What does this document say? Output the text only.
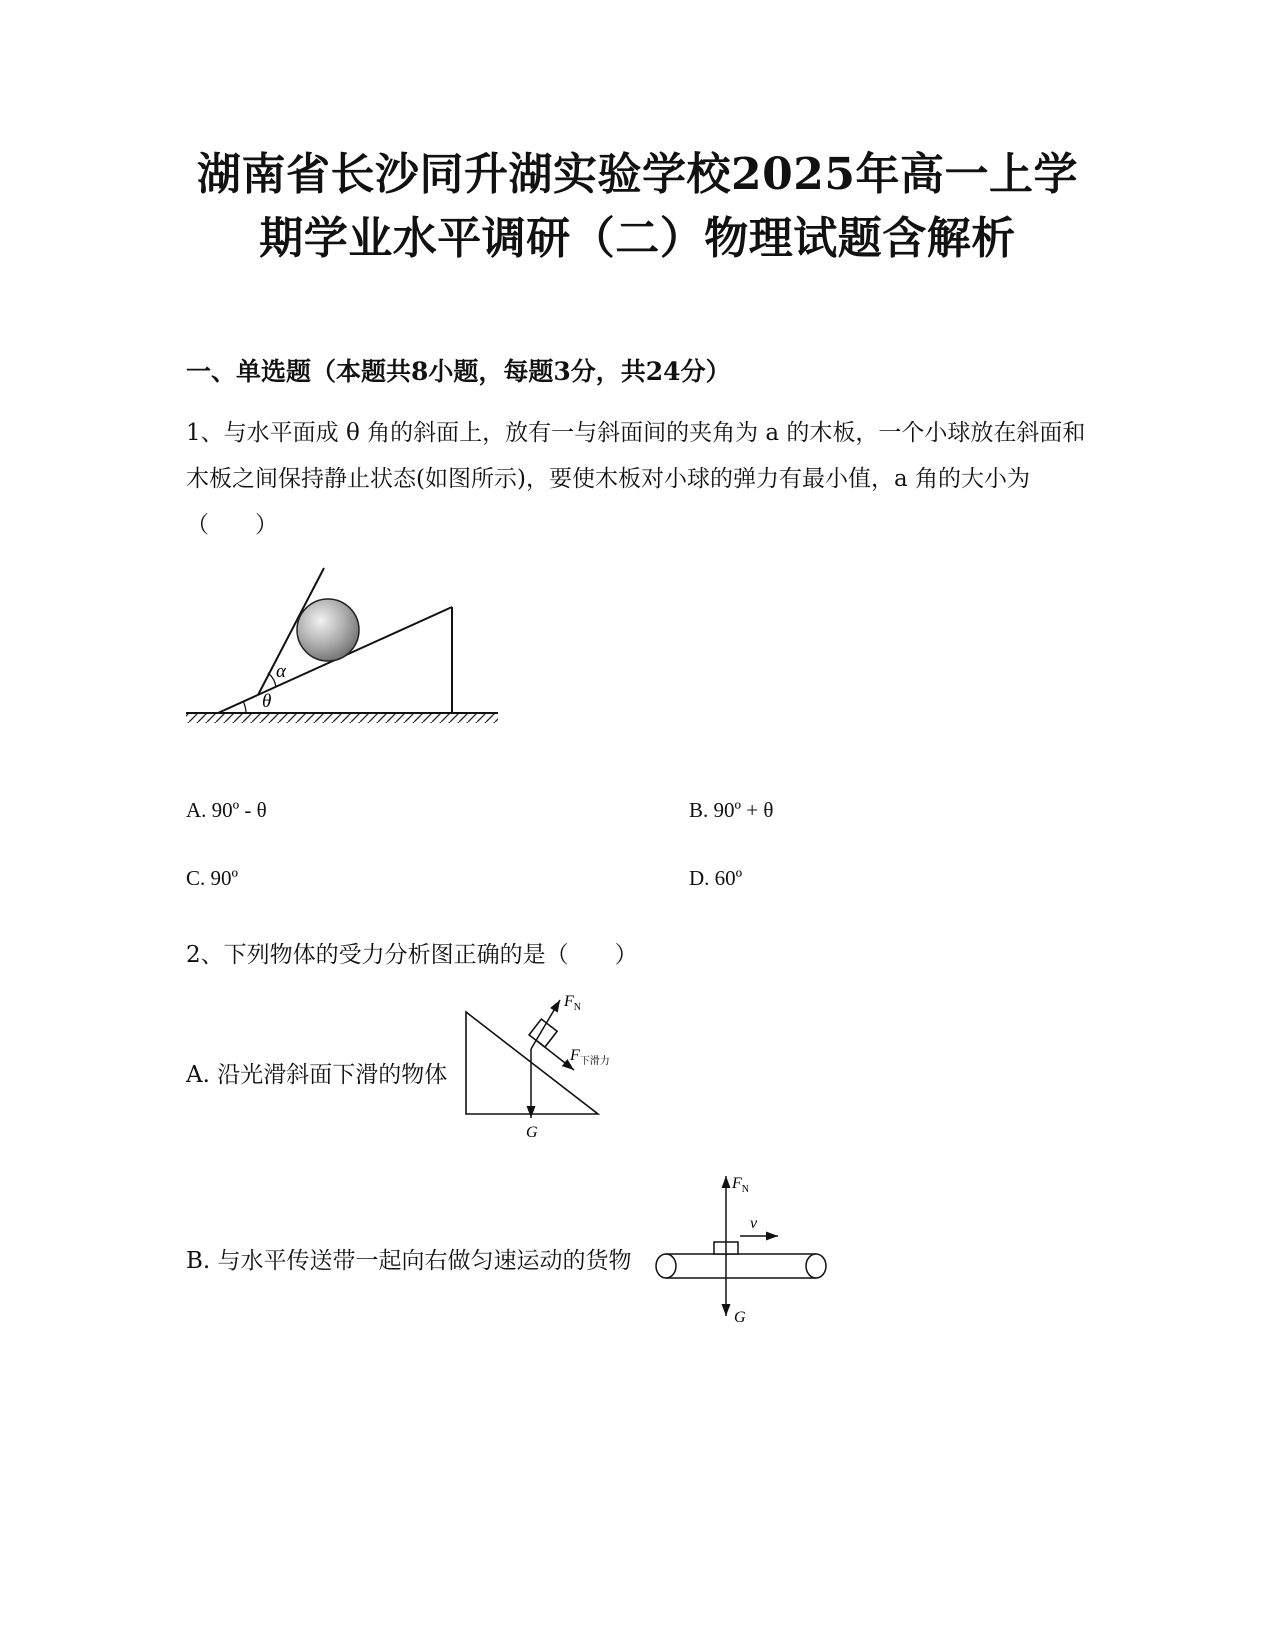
湖南省长沙同升湖实验学校2025年高一上学
期学业水平调研（二）物理试题含解析
一、单选题（本题共8小题，每题3分，共24分）
1、与水平面成 θ 角的斜面上，放有一与斜面间的夹角为 a 的木板，一个小球放在斜面和木板之间保持静止状态(如图所示)，要使木板对小球的弹力有最小值，a 角的大小为（　　）
α
θ
A. 90º - θ	B. 90º + θ
C. 90º	D. 60º
2、下列物体的受力分析图正确的是（　　）
A. 沿光滑斜面下滑的物体
$F_N$
$F_{下滑力}$
G
B. 与水平传送带一起向右做匀速运动的货物
$F_N$
v
G
